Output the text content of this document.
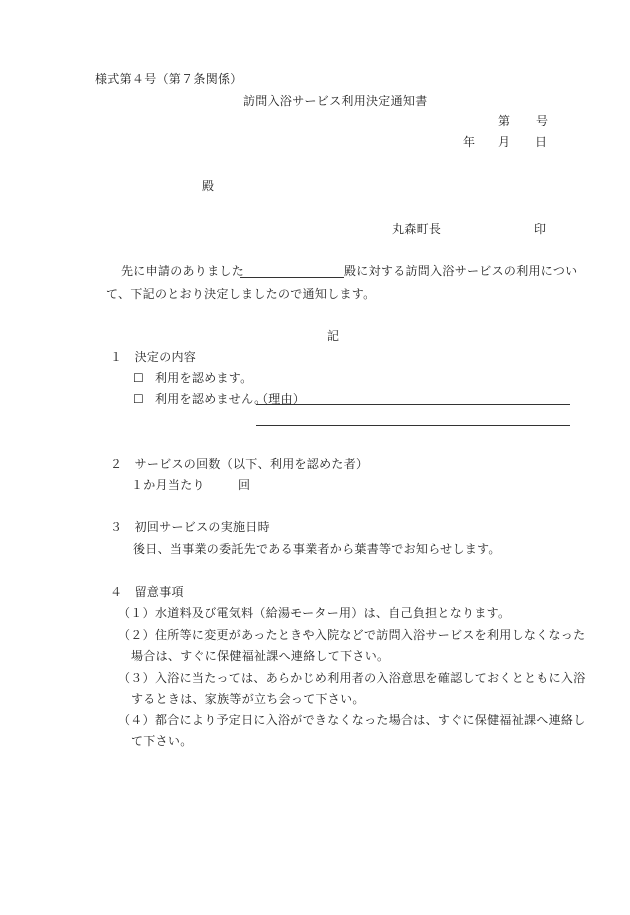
様式第４号（第７条関係）
訪問入浴サービス利用決定通知書
第 号
年 月 日
殿
丸森町長	印
先に申請のありました	殿に対する訪問入浴サービスの利用につい
て、下記のとおり決定しましたので通知します。
記
１　決定の内容
☐ 利用を認めます。
☐ 利用を認めません。
（理由）
２　サービスの回数（以下、利用を認めた者）
１か月当たり	回
３　初回サービスの実施日時
後日、当事業の委託先である事業者から葉書等でお知らせします。
４　留意事項
（１） 水道料及び電気料（給湯モーター用）は、自己負担となります。
（２） 住所等に変更があったときや入院などで訪問入浴サービスを利用しなくなった
場合は、すぐに保健福祉課へ連絡して下さい。
（３） 入浴に当たっては、あらかじめ利用者の入浴意思を確認しておくとともに入浴
するときは、家族等が立ち会って下さい。
（４） 都合により予定日に入浴ができなくなった場合は、すぐに保健福祉課へ連絡し
て下さい。
